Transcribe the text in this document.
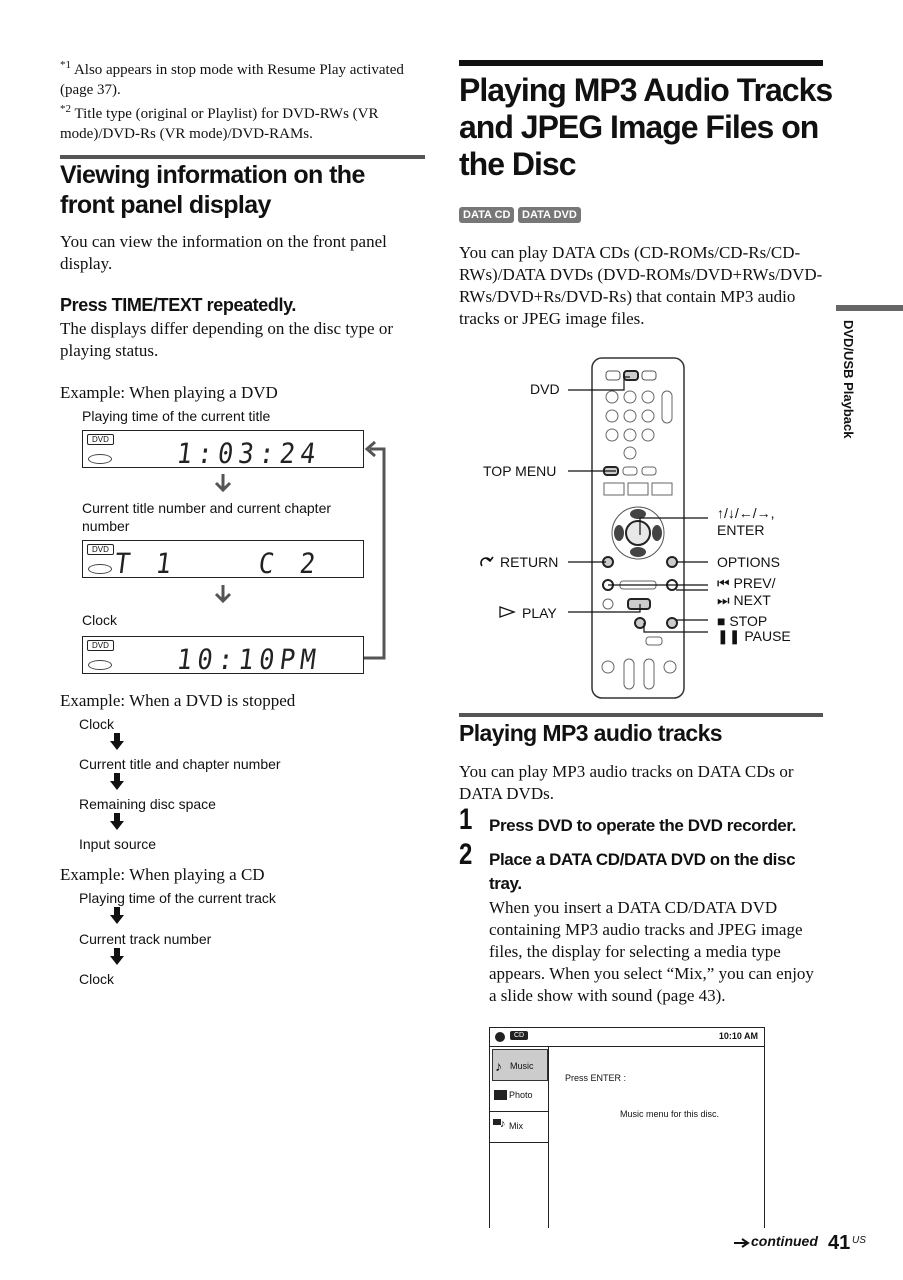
$^{*1}$ Also appears in stop mode with Resume Play activated (page 37).
$^{*2}$ Title type (original or Playlist) for DVD-RWs (VR mode)/DVD-Rs (VR mode)/DVD-RAMs.
Viewing information on the front panel display
You can view the information on the front panel display.
Press TIME/TEXT repeatedly.
The displays differ depending on the disc type or playing status.
Example: When playing a DVD
Playing time of the current title
DVD 1:03:24
Current title number and current chapter number
DVD T 1    C 2
Clock
DVD 10:10PM
Example: When a DVD is stopped
Clock
Current title and chapter number
Remaining disc space
Input source
Example: When playing a CD
Playing time of the current track
Current track number
Clock
Playing MP3 Audio Tracks and JPEG Image Files on the Disc
DATA CD	DATA DVD
You can play DATA CDs (CD-ROMs/CD-Rs/CD-RWs)/DATA DVDs (DVD-ROMs/DVD+RWs/DVD-RWs/DVD+Rs/DVD-Rs) that contain MP3 audio tracks or JPEG image files.
DVD
TOP MENU
RETURN
PLAY
↑/↓/←/→,
ENTER
OPTIONS
⏮ PREV/
⏭ NEXT
■ STOP
❚❚ PAUSE
Playing MP3 audio tracks
You can play MP3 audio tracks on DATA CDs or DATA DVDs.
1 Press DVD to operate the DVD recorder.
2 Place a DATA CD/DATA DVD on the disc tray.
When you insert a DATA CD/DATA DVD containing MP3 audio tracks and JPEG image files, the display for selecting a media type appears. When you select “Mix,” you can enjoy a slide show with sound (page 43).
CD	10:10 AM
♪ Music
Photo
♪ Mix
Press ENTER :
Music menu for this disc.
DVD/USB Playback
continued 41 US
